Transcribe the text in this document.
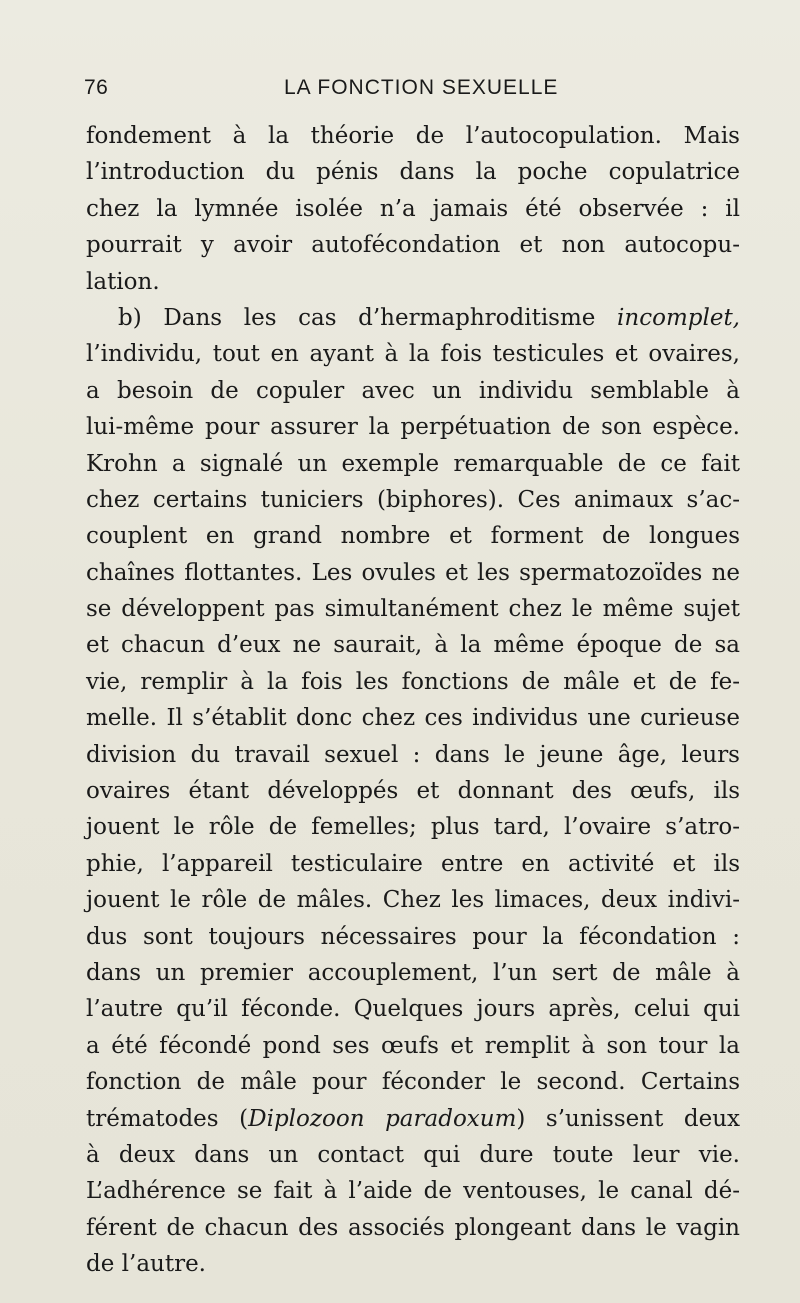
76	LA FONCTION SEXUELLE
fondement à la théorie de l’autocopulation. Mais
l’introduction du pénis dans la poche copulatrice
chez la lymnée isolée n’a jamais été observée : il
pourrait y avoir autofécondation et non autocopu-
lation.
b) Dans les cas d’hermaphroditisme incomplet,
l’individu, tout en ayant à la fois testicules et ovaires,
a besoin de copuler avec un individu semblable à
lui-même pour assurer la perpétuation de son espèce.
Krohn a signalé un exemple remarquable de ce fait
chez certains tuniciers (biphores). Ces animaux s’ac-
couplent en grand nombre et forment de longues
chaînes flottantes. Les ovules et les spermatozoïdes ne
se développent pas simultanément chez le même sujet
et chacun d’eux ne saurait, à la même époque de sa
vie, remplir à la fois les fonctions de mâle et de fe-
melle. Il s’établit donc chez ces individus une curieuse
division du travail sexuel : dans le jeune âge, leurs
ovaires étant développés et donnant des œufs, ils
jouent le rôle de femelles; plus tard, l’ovaire s’atro-
phie, l’appareil testiculaire entre en activité et ils
jouent le rôle de mâles. Chez les limaces, deux indivi-
dus sont toujours nécessaires pour la fécondation :
dans un premier accouplement, l’un sert de mâle à
l’autre qu’il féconde. Quelques jours après, celui qui
a été fécondé pond ses œufs et remplit à son tour la
fonction de mâle pour féconder le second. Certains
trématodes (Diplozoon paradoxum) s’unissent deux
à deux dans un contact qui dure toute leur vie.
L’adhérence se fait à l’aide de ventouses, le canal dé-
férent de chacun des associés plongeant dans le vagin
de l’autre.
